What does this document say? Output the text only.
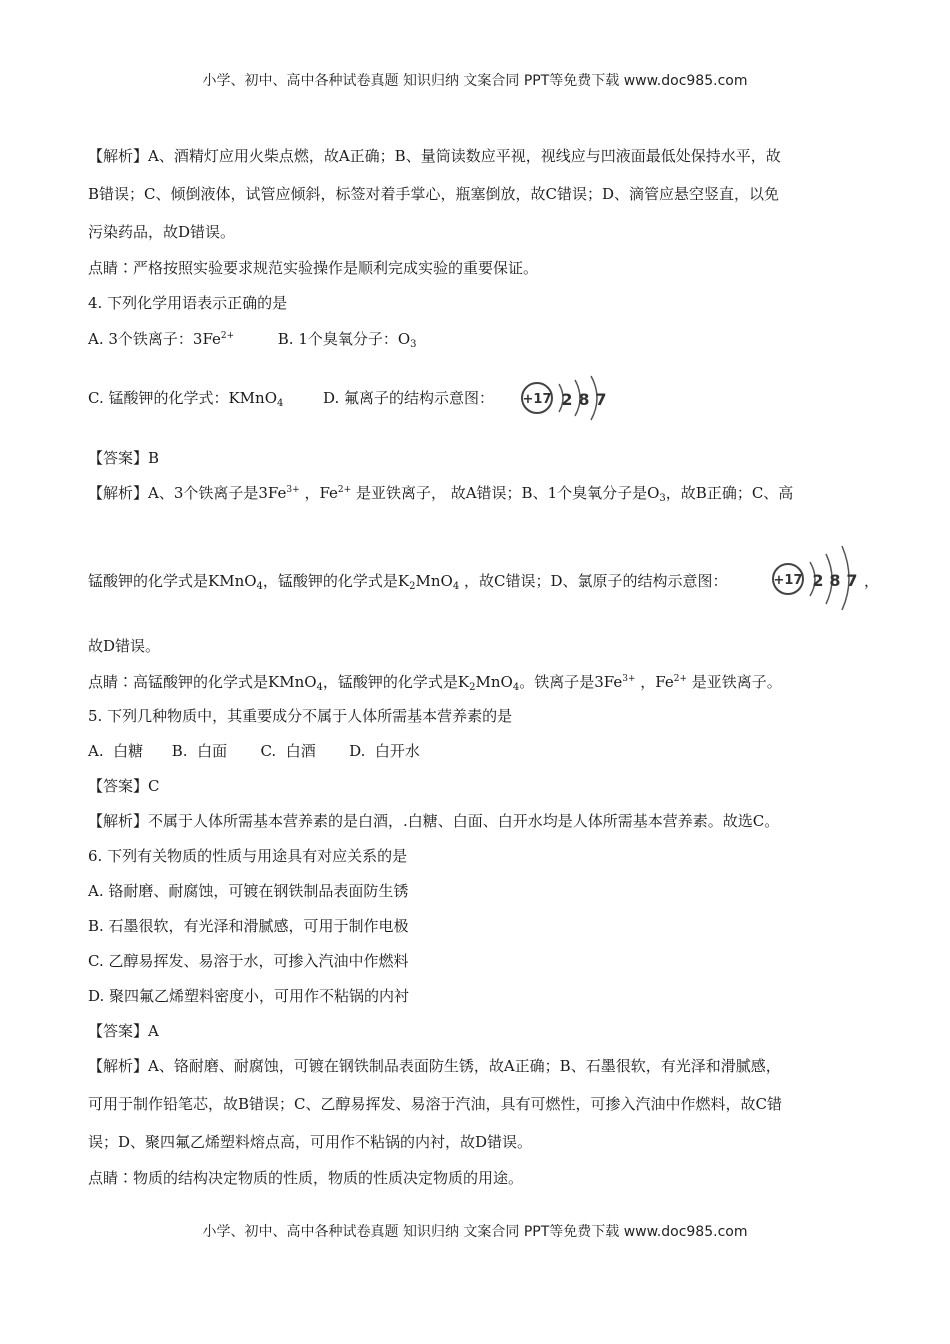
小学、初中、高中各种试卷真题 知识归纳 文案合同 PPT等免费下载 www.doc985.com
【解析】A、酒精灯应用火柴点燃，故A正确；B、量筒读数应平视，视线应与凹液面最低处保持水平，故
B错误；C、倾倒液体，试管应倾斜，标签对着手掌心，瓶塞倒放，故C错误；D、滴管应悬空竖直，以免
污染药品，故D错误。
点睛∶严格按照实验要求规范实验操作是顺利完成实验的重要保证。
4. 下列化学用语表示正确的是
A. 3个铁离子：$3Fe^{2+}$	B. 1个臭氧分子：$O_3$
C. 锰酸钾的化学式：KMnO$_4$	D. 氟离子的结构示意图： +17 2 8 7
【答案】B
【解析】A、3个铁离子是$3Fe^{3+}$ ，$Fe^{2+}$ 是亚铁离子， 故A错误；B、1个臭氧分子是$O_3$，故B正确；C、高
锰酸钾的化学式是KMnO$_4$，锰酸钾的化学式是$K_2MnO_4$ ，故C错误；D、氯原子的结构示意图：	+17 2 8 7 ，
故D错误。
点睛∶高锰酸钾的化学式是KMnO$_4$，锰酸钾的化学式是$K_2MnO_4$。铁离子是$3Fe^{3+}$ ，$Fe^{2+}$ 是亚铁离子。
5. 下列几种物质中，其重要成分不属于人体所需基本营养素的是
A.  白糖      B.  白面       C.  白酒       D.  白开水
【答案】C
【解析】不属于人体所需基本营养素的是白酒，.白糖、白面、白开水均是人体所需基本营养素。故选C。
6. 下列有关物质的性质与用途具有对应关系的是
A. 铬耐磨、耐腐蚀，可镀在钢铁制品表面防生锈
B. 石墨很软，有光泽和滑腻感，可用于制作电极
C. 乙醇易挥发、易溶于水，可掺入汽油中作燃料
D. 聚四氟乙烯塑料密度小，可用作不粘锅的内衬
【答案】A
【解析】A、铬耐磨、耐腐蚀，可镀在钢铁制品表面防生锈，故A正确；B、石墨很软，有光泽和滑腻感，
可用于制作铅笔芯，故B错误；C、乙醇易挥发、易溶于汽油，具有可燃性，可掺入汽油中作燃料，故C错
误；D、聚四氟乙烯塑料熔点高，可用作不粘锅的内衬，故D错误。
点睛∶物质的结构决定物质的性质，物质的性质决定物质的用途。
小学、初中、高中各种试卷真题 知识归纳 文案合同 PPT等免费下载 www.doc985.com
